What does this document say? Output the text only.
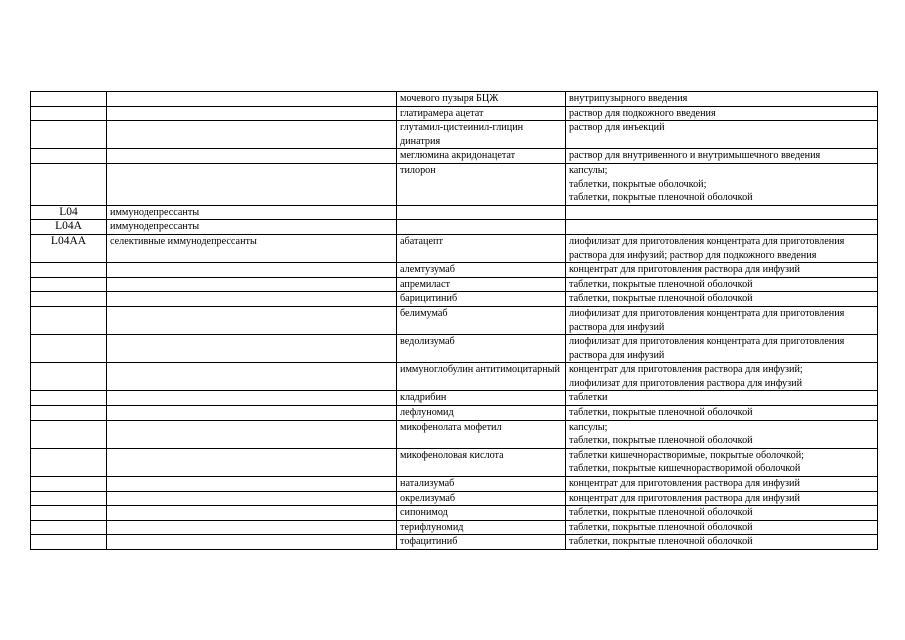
		мочевого пузыря БЦЖ	внутрипузырного введения
		глатирамера ацетат	раствор для подкожного введения
		глутамил-цистеинил-глицин динатрия	раствор для инъекций
		меглюмина акридонацетат	раствор для внутривенного и внутримышечного введения
		тилорон	капсулы;
таблетки, покрытые оболочкой;
таблетки, покрытые пленочной оболочкой
L04	иммунодепрессанты		
L04A	иммунодепрессанты		
L04AA	селективные иммунодепрессанты	абатацепт	лиофилизат для приготовления концентрата для приготовления раствора для инфузий; раствор для подкожного введения
		алемтузумаб	концентрат для приготовления раствора для инфузий
		апремиласт	таблетки, покрытые пленочной оболочкой
		барицитиниб	таблетки, покрытые пленочной оболочкой
		белимумаб	лиофилизат для приготовления концентрата для приготовления раствора для инфузий
		ведолизумаб	лиофилизат для приготовления концентрата для приготовления раствора для инфузий
		иммуноглобулин антитимоцитарный	концентрат для приготовления раствора для инфузий;
лиофилизат для приготовления раствора для инфузий
		кладрибин	таблетки
		лефлуномид	таблетки, покрытые пленочной оболочкой
		микофенолата мофетил	капсулы;
таблетки, покрытые пленочной оболочкой
		микофеноловая кислота	таблетки кишечнорастворимые, покрытые оболочкой;
таблетки, покрытые кишечнорастворимой оболочкой
		натализумаб	концентрат для приготовления раствора для инфузий
		окрелизумаб	концентрат для приготовления раствора для инфузий
		сипонимод	таблетки, покрытые пленочной оболочкой
		терифлуномид	таблетки, покрытые пленочной оболочкой
		тофацитиниб	таблетки, покрытые пленочной оболочкой
